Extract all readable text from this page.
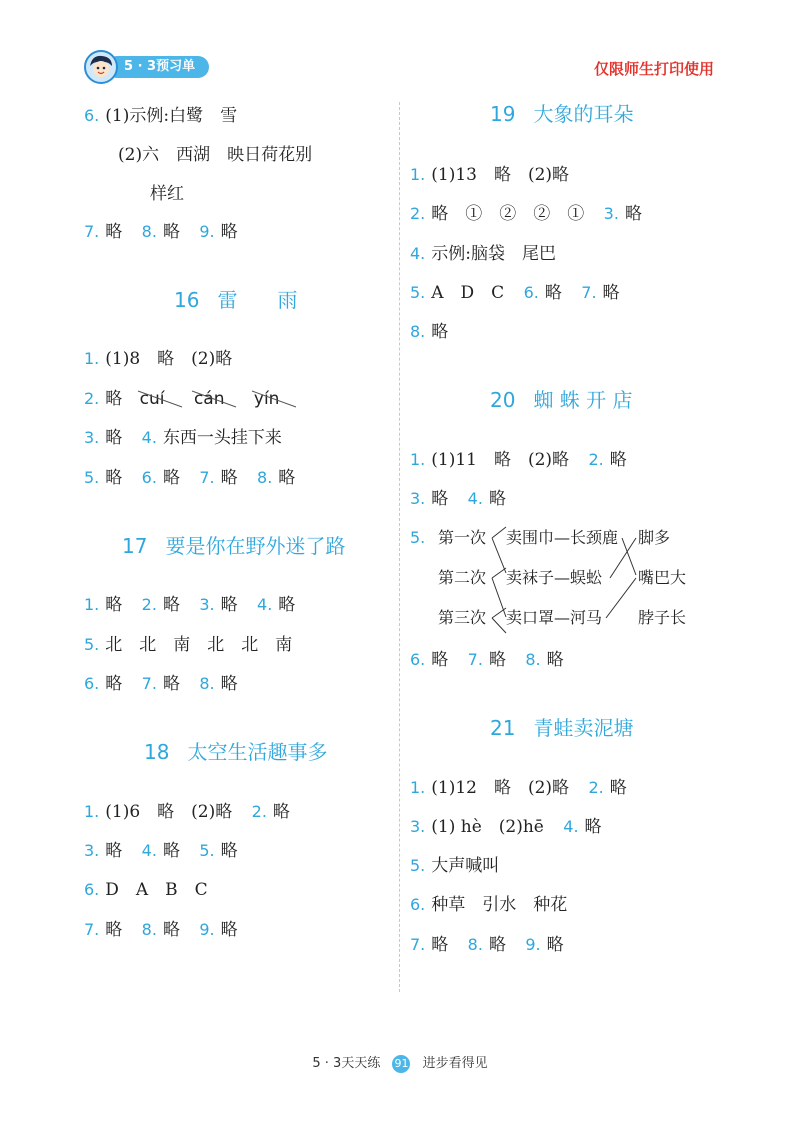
5 · 3预习单	仅限师生打印使用
6. (1)示例:白鹭　雪
(2)六　西湖　映日荷花别
样红
7. 略 8. 略 9. 略
16 雷　　雨
1. (1)8　略　(2)略
2. 略 cuí cán yín
3. 略 4. 东西一头挂下来
5. 略 6. 略 7. 略 8. 略
17 要是你在野外迷了路
1. 略 2. 略 3. 略 4. 略
5. 北　北　南　北　北　南
6. 略 7. 略 8. 略
18 太空生活趣事多
1. (1)6　略　(2)略 2. 略
3. 略 4. 略 5. 略
6. D　A　B　C
7. 略 8. 略 9. 略
19 大象的耳朵
1. (1)13　略　(2)略
2. 略　①　②　②　① 3. 略
4. 示例:脑袋　尾巴
5. A　D　C 6. 略 7. 略
8. 略
20 蜘 蛛 开 店
1. (1)11　略　(2)略 2. 略
3. 略 4. 略
5. 第一次
第二次
第三次
卖围巾—长颈鹿
卖袜子—蜈蚣
卖口罩—河马
脚多
嘴巴大
脖子长
6. 略 7. 略 8. 略
21 青蛙卖泥塘
1. (1)12　略　(2)略 2. 略
3. (1) hè　(2)hē 4. 略
5. 大声喊叫
6. 种草　引水　种花
7. 略 8. 略 9. 略
5 · 3天天练 91 进步看得见
